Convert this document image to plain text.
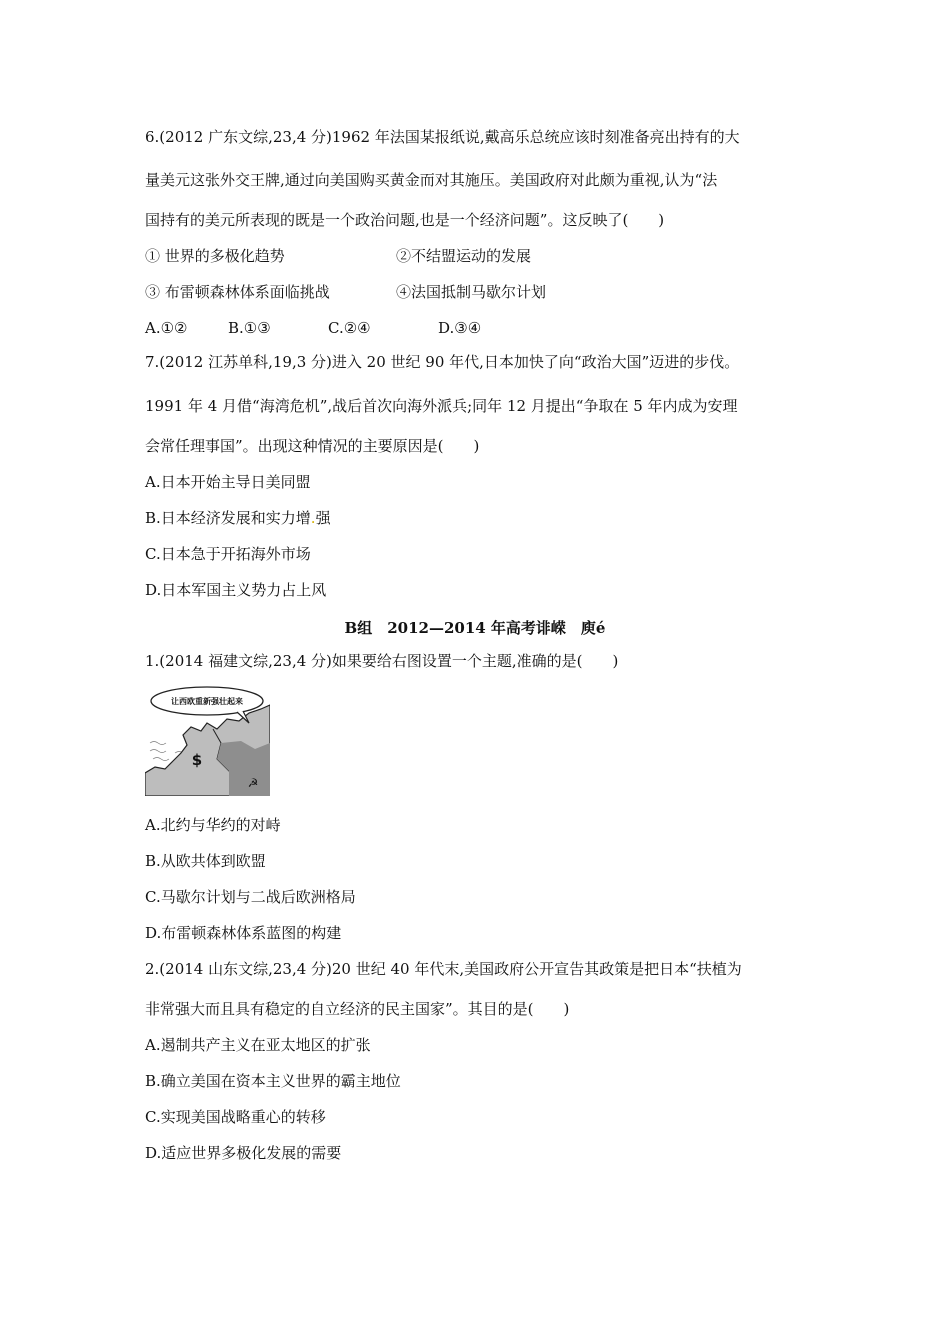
6.(2012 广东文综,23,4 分)1962 年法国某报纸说,戴高乐总统应该时刻准备亮出持有的大
量美元这张外交王牌,通过向美国购买黄金而对其施压。美国政府对此颇为重视,认为“法
国持有的美元所表现的既是一个政治问题,也是一个经济问题”。这反映了(　　)
① 世界的多极化趋势	②不结盟运动的发展
③ 布雷顿森林体系面临挑战	④法国抵制马歇尔计划
A.①②	B.①③	C.②④	D.③④
7.(2012 江苏单科,19,3 分)进入 20 世纪 90 年代,日本加快了向“政治大国”迈进的步伐。
1991 年 4 月借“海湾危机”,战后首次向海外派兵;同年 12 月提出“争取在 5 年内成为安理
会常任理事国”。出现这种情况的主要原因是(　　)
A.日本开始主导日美同盟
B.日本经济发展和实力增.强
C.日本急于开拓海外市场
D.日本军国主义势力占上风
B组　2012—2014 年高考诽嵘　庾é
1.(2014 福建文综,23,4 分)如果要给右图设置一个主题,准确的是(　　)
让西欧重新强壮起来
$
☭
A.北约与华约的对峙
B.从欧共体到欧盟
C.马歇尔计划与二战后欧洲格局
D.布雷顿森林体系蓝图的构建
2.(2014 山东文综,23,4 分)20 世纪 40 年代末,美国政府公开宣告其政策是把日本“扶植为
非常强大而且具有稳定的自立经济的民主国家”。其目的是(　　)
A.遏制共产主义在亚太地区的扩张
B.确立美国在资本主义世界的霸主地位
C.实现美国战略重心的转移
D.适应世界多极化发展的需要
